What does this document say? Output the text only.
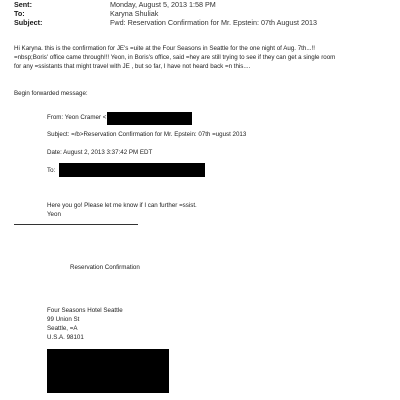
Sent:	Monday, August 5, 2013 1:58 PM
To:	Karyna Shuliak
Subject:	Fwd: Reservation Confirmation for Mr. Epstein: 07th August 2013
Hi Karyna. this is the confirmation for JE's =uite at the Four Seasons in Seattle for the one night of Aug. 7th...!!
=nbsp;Boris' office came through!!! Yeon, in Boris's office, said =hey are still trying to see if they can get a single room
for any =ssistants that might travel with JE , but so far, I have not heard back =n this....
Begin forwarded message:
From: Yeon Cramer <
Subject: =/b>Reservation Confirmation for Mr. Epstein: 07th =ugust 2013
Date: August 2, 2013 3:37:42 PM EDT
To:
Here you go! Please let me know if I can further =ssist.
Yeon
Reservation Confirmation
Four Seasons Hotel Seattle
99 Union St
Seattle, =A
U.S.A. 98101
